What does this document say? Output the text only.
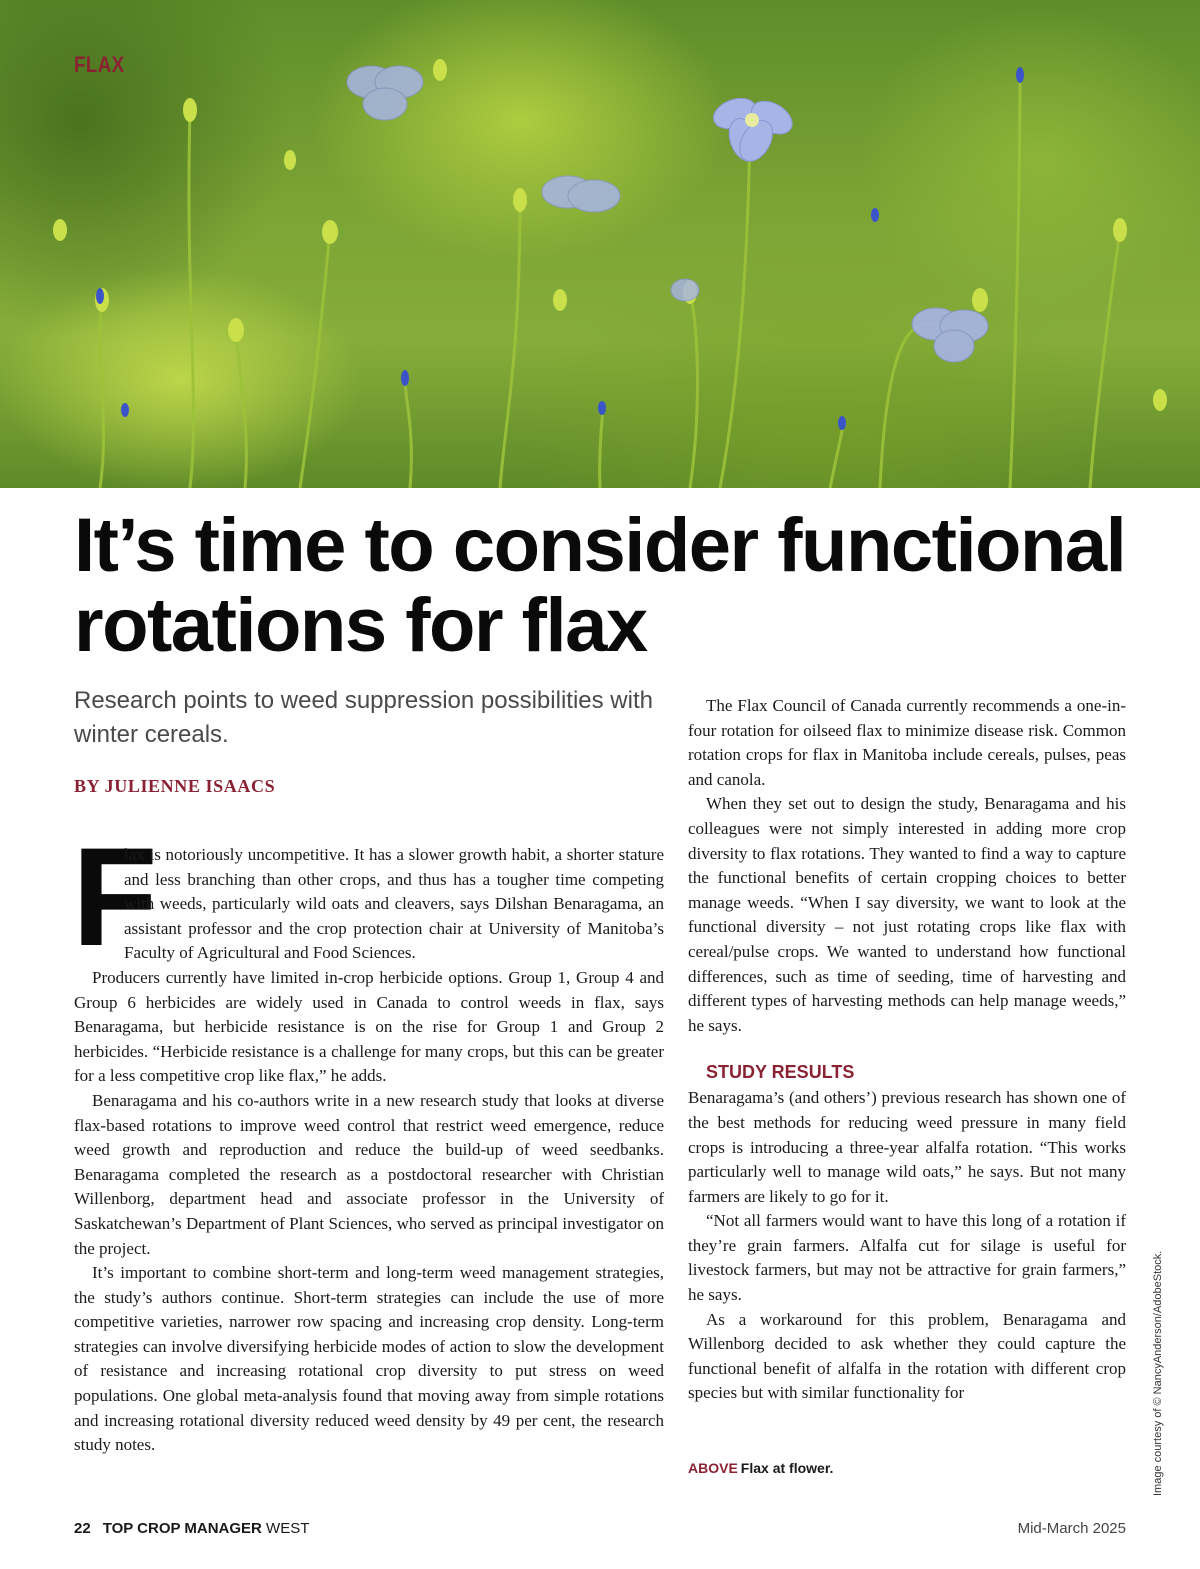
FLAX
It’s time to consider functional rotations for flax
Research points to weed suppression possibilities with winter cereals.
BY JULIENNE ISAACS

F
lax is notoriously uncompetitive. It has a slower growth habit, a shorter stature and less branching than other crops, and thus has a tougher time competing with weeds, particularly wild oats and cleavers, says Dilshan Benaragama, an assistant professor and the crop protection chair at University of Manitoba’s Faculty of Agricultural and Food Sciences.

Producers currently have limited in-crop herbicide options. Group 1, Group 4 and Group 6 herbicides are widely used in Canada to control weeds in flax, says Benaragama, but herbicide resistance is on the rise for Group 1 and Group 2 herbicides. “Herbicide resistance is a challenge for many crops, but this can be greater for a less competitive crop like flax,” he adds.

Benaragama and his co-authors write in a new research study that looks at diverse flax-based rotations to improve weed control that restrict weed emergence, reduce weed growth and reproduction and reduce the build-up of weed seedbanks. Benaragama completed the research as a postdoctoral researcher with Christian Willenborg, department head and associate professor in the University of Saskatchewan’s Department of Plant Sciences, who served as principal investigator on the project.

It’s important to combine short-term and long-term weed management strategies, the study’s authors continue. Short-term strategies can include the use of more competitive varieties, narrower row spacing and increasing crop density. Long-term strategies can involve diversifying herbicide modes of action to slow the development of resistance and increasing rotational crop diversity to put stress on weed populations. One global meta-analysis found that moving away from simple rotations and increasing rotational diversity reduced weed density by 49 per cent, the research study notes.

The Flax Council of Canada currently recommends a one-in-four rotation for oilseed flax to minimize disease risk. Common rotation crops for flax in Manitoba include cereals, pulses, peas and canola.

When they set out to design the study, Benaragama and his colleagues were not simply interested in adding more crop diversity to flax rotations. They wanted to find a way to capture the functional benefits of certain cropping choices to better manage weeds. “When I say diversity, we want to look at the functional diversity – not just rotating crops like flax with cereal/pulse crops. We wanted to understand how functional differences, such as time of seeding, time of harvesting and different types of harvesting methods can help manage weeds,” he says.

STUDY RESULTS

Benaragama’s (and others’) previous research has shown one of the best methods for reducing weed pressure in many field crops is introducing a three-year alfalfa rotation. “This works particularly well to manage wild oats,” he says. But not many farmers are likely to go for it.

“Not all farmers would want to have this long of a rotation if they’re grain farmers. Alfalfa cut for silage is useful for livestock farmers, but may not be attractive for grain farmers,” he says.

As a workaround for this problem, Benaragama and Willenborg decided to ask whether they could capture the functional benefit of alfalfa in the rotation with different crop species but with similar functionality for

ABOVE Flax at flower.	Image courtesy of © NancyAnderson/AdobeStock.
22 TOP CROP MANAGER WEST	Mid-March 2025
